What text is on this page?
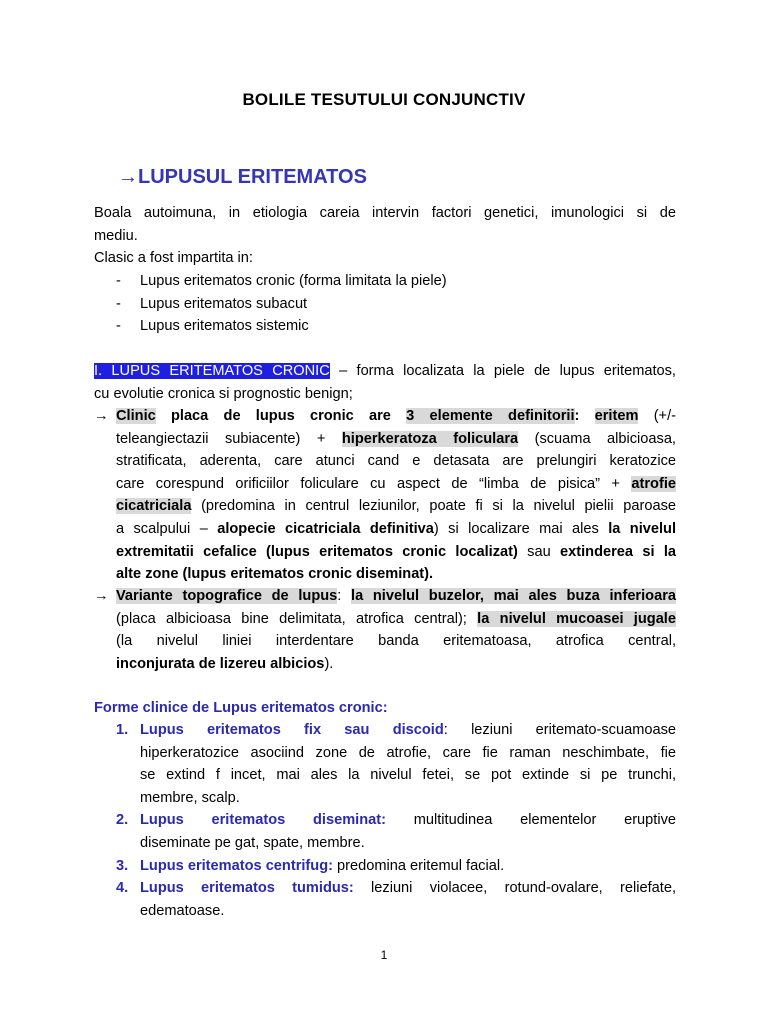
BOLILE TESUTULUI CONJUNCTIV
→LUPUSUL ERITEMATOS
Boala autoimuna, in etiologia careia intervin factori genetici, imunologici si de
mediu.
Clasic a fost impartita in:
- Lupus eritematos cronic (forma limitata la piele)
- Lupus eritematos subacut
- Lupus eritematos sistemic
I. LUPUS ERITEMATOS CRONIC – forma localizata la piele de lupus eritematos,
cu evolutie cronica si prognostic benign;
→ Clinic placa de lupus cronic are 3 elemente definitorii: eritem (+/-
teleangiectazii subiacente) + hiperkeratoza foliculara (scuama albicioasa,
stratificata, aderenta, care atunci cand e detasata are prelungiri keratozice
care corespund orificiilor foliculare cu aspect de “limba de pisica” + atrofie
cicatriciala (predomina in centrul leziunilor, poate fi si la nivelul pielii paroase
a scalpului – alopecie cicatriciala definitiva) si localizare mai ales la nivelul
extremitatii cefalice (lupus eritematos cronic localizat) sau extinderea si la
alte zone (lupus eritematos cronic diseminat).
→ Variante topografice de lupus: la nivelul buzelor, mai ales buza inferioara
(placa albicioasa bine delimitata, atrofica central); la nivelul mucoasei jugale
(la nivelul liniei interdentare banda eritematoasa, atrofica central,
inconjurata de lizereu albicios).
Forme clinice de Lupus eritematos cronic:
1. Lupus eritematos fix sau discoid: leziuni eritemato-scuamoase
hiperkeratozice asociind zone de atrofie, care fie raman neschimbate, fie
se extind f incet, mai ales la nivelul fetei, se pot extinde si pe trunchi,
membre, scalp.
2. Lupus eritematos diseminat: multitudinea elementelor eruptive
diseminate pe gat, spate, membre.
3. Lupus eritematos centrifug: predomina eritemul facial.
4. Lupus eritematos tumidus: leziuni violacee, rotund-ovalare, reliefate,
edematoase.
1
